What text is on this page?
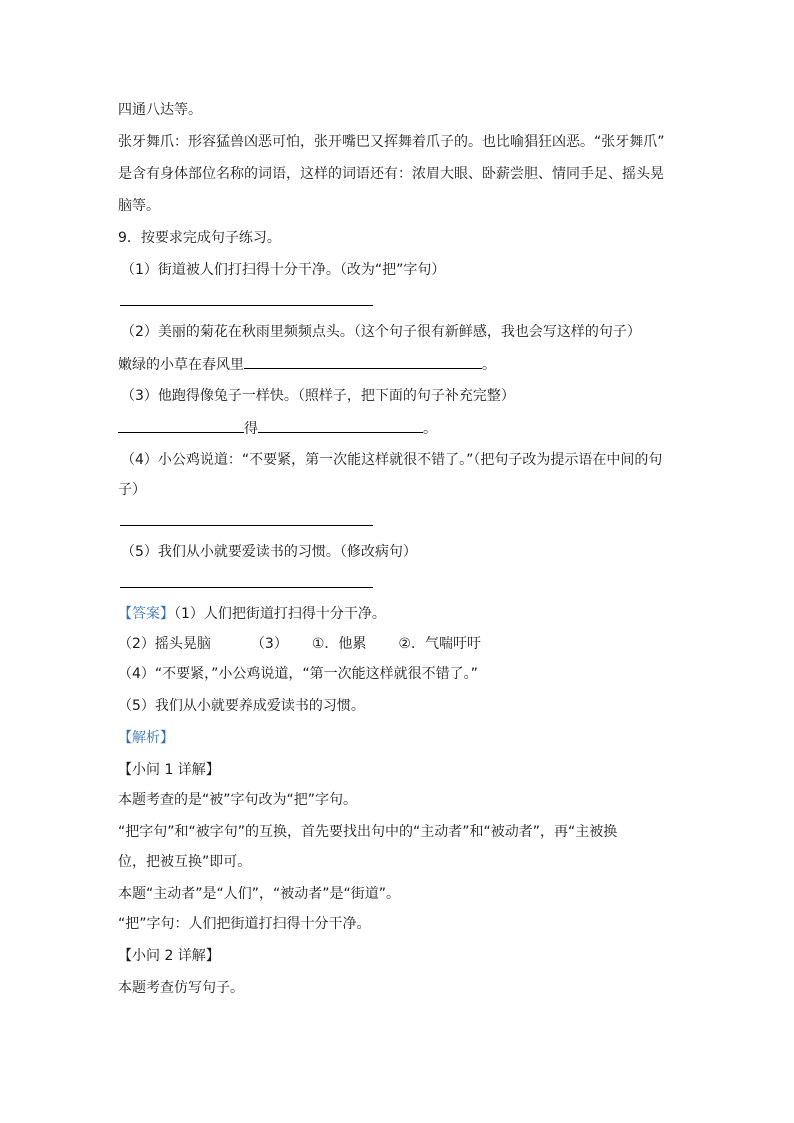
四通八达等。
张牙舞爪：形容猛兽凶恶可怕，张开嘴巴又挥舞着爪子的。也比喻猖狂凶恶。“张牙舞爪”
是含有身体部位名称的词语，这样的词语还有：浓眉大眼、卧薪尝胆、情同手足、摇头晃
脑等。
9．按要求完成句子练习。
（1）街道被人们打扫得十分干净。（改为“把”字句）
（2）美丽的菊花在秋雨里频频点头。（这个句子很有新鲜感，我也会写这样的句子）
嫩绿的小草在春风里	。
（3）他跑得像兔子一样快。（照样子，把下面的句子补充完整）
得	。
（4）小公鸡说道：“不要紧，第一次能这样就很不错了。”（把句子改为提示语在中间的句
子）
（5）我们从小就要爱读书的习惯。（修改病句）
【答案】（1）人们把街道打扫得十分干净。
（2）摇头晃脑	（3） ①．他累 ②．气喘吁吁
（4）“不要紧，”小公鸡说道，“第一次能这样就很不错了。”
（5）我们从小就要养成爱读书的习惯。
【解析】
【小问 1 详解】
本题考查的是“被”字句改为“把”字句。
“把字句”和“被字句”的互换，首先要找出句中的“主动者”和“被动者”，再“主被换
位，把被互换”即可。
本题“主动者”是“人们”，“被动者”是“街道”。
“把”字句：人们把街道打扫得十分干净。
【小问 2 详解】
本题考查仿写句子。
